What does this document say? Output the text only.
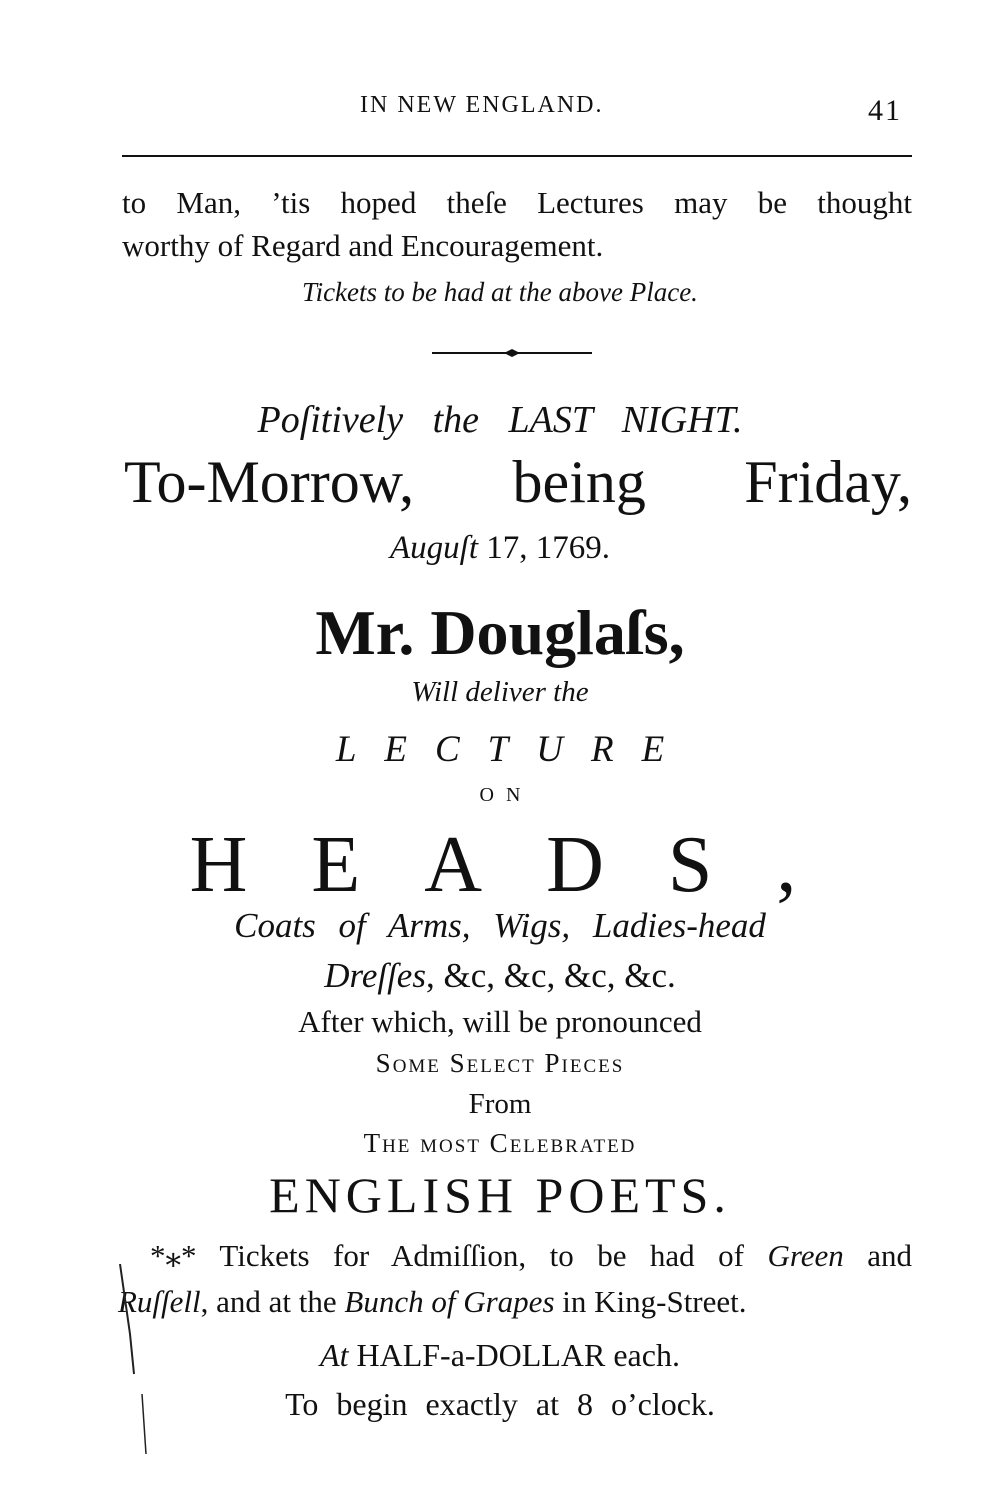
IN NEW ENGLAND.	41
to Man, ’tis hoped theſe Lectures may be thought
worthy of Regard and Encouragement.
Tickets to be had at the above Place.
Poſitively the LAST NIGHT.
To-Morrow, being Friday,
Auguſt 17, 1769.
Mr. Douglaſs,
Will deliver the
LECTURE
ON
HEADS,
Coats of Arms, Wigs, Ladies-head
Dreſſes, &c, &c, &c, &c.
After which, will be pronounced
Some Select Pieces
From
The most Celebrated
ENGLISH POETS.
*⁎* Tickets for Admiſſion, to be had of Green and
Ruſſell, and at the Bunch of Grapes in King-Street.
At HALF-a-DOLLAR each.
To begin exactly at 8 o’clock.
